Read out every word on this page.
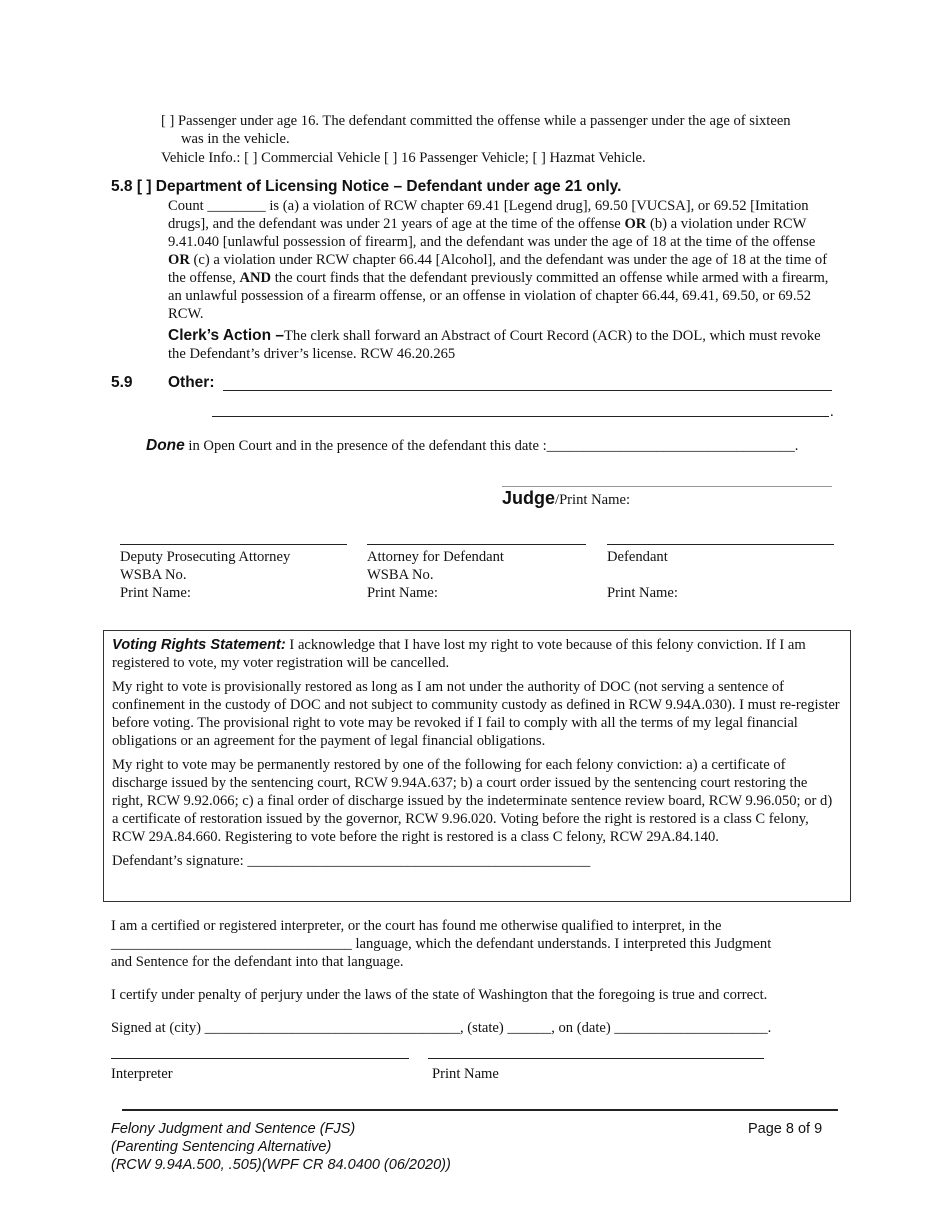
[ ] Passenger under age 16. The defendant committed the offense while a passenger under the age of sixteen

was in the vehicle.

Vehicle Info.: [ ] Commercial Vehicle [ ] 16 Passenger Vehicle; [ ] Hazmat Vehicle.
5.8 [ ] Department of Licensing Notice – Defendant under age 21 only.

Count ________ is (a) a violation of RCW chapter 69.41 [Legend drug], 69.50 [VUCSA], or 69.52 [Imitation drugs], and the defendant was under 21 years of age at the time of the offense OR (b) a violation under RCW 9.41.040 [unlawful possession of firearm], and the defendant was under the age of 18 at the time of the offense OR (c) a violation under RCW chapter 66.44 [Alcohol], and the defendant was under the age of 18 at the time of the offense, AND the court finds that the defendant previously committed an offense while armed with a firearm, an unlawful possession of a firearm offense, or an offense in violation of chapter 66.44, 69.41, 69.50, or 69.52 RCW.

Clerk’s Action –The clerk shall forward an Abstract of Court Record (ACR) to the DOL, which must revoke the Defendant’s driver’s license. RCW 46.20.265

5.9 Other:
.
Done in Open Court and in the presence of the defendant this date :__________________________________.
Judge/Print Name:

Deputy Prosecuting Attorney

WSBA No.

Print Name:

Attorney for Defendant

WSBA No.

Print Name:

Defendant

Print Name:

Voting Rights Statement: I acknowledge that I have lost my right to vote because of this felony conviction. If I am registered to vote, my voter registration will be cancelled.

My right to vote is provisionally restored as long as I am not under the authority of DOC (not serving a sentence of confinement in the custody of DOC and not subject to community custody as defined in RCW 9.94A.030). I must re-register before voting. The provisional right to vote may be revoked if I fail to comply with all the terms of my legal financial obligations or an agreement for the payment of legal financial obligations.

My right to vote may be permanently restored by one of the following for each felony conviction: a) a certificate of discharge issued by the sentencing court, RCW 9.94A.637; b) a court order issued by the sentencing court restoring the right, RCW 9.92.066; c) a final order of discharge issued by the indeterminate sentence review board, RCW 9.96.050; or d) a certificate of restoration issued by the governor, RCW 9.96.020. Voting before the right is restored is a class C felony, RCW 29A.84.660. Registering to vote before the right is restored is a class C felony, RCW 29A.84.140.

Defendant’s signature: _______________________________________________

I am a certified or registered interpreter, or the court has found me otherwise qualified to interpret, in the

_________________________________ language, which the defendant understands. I interpreted this Judgment

and Sentence for the defendant into that language.

I certify under penalty of perjury under the laws of the state of Washington that the foregoing is true and correct.
Signed at (city) ___________________________________, (state) ______, on (date) _____________________.
Interpreter	Print Name

Felony Judgment and Sentence (FJS)

(Parenting Sentencing Alternative)

(RCW 9.94A.500, .505)(WPF CR 84.0400 (06/2020))

Page 8 of 9
